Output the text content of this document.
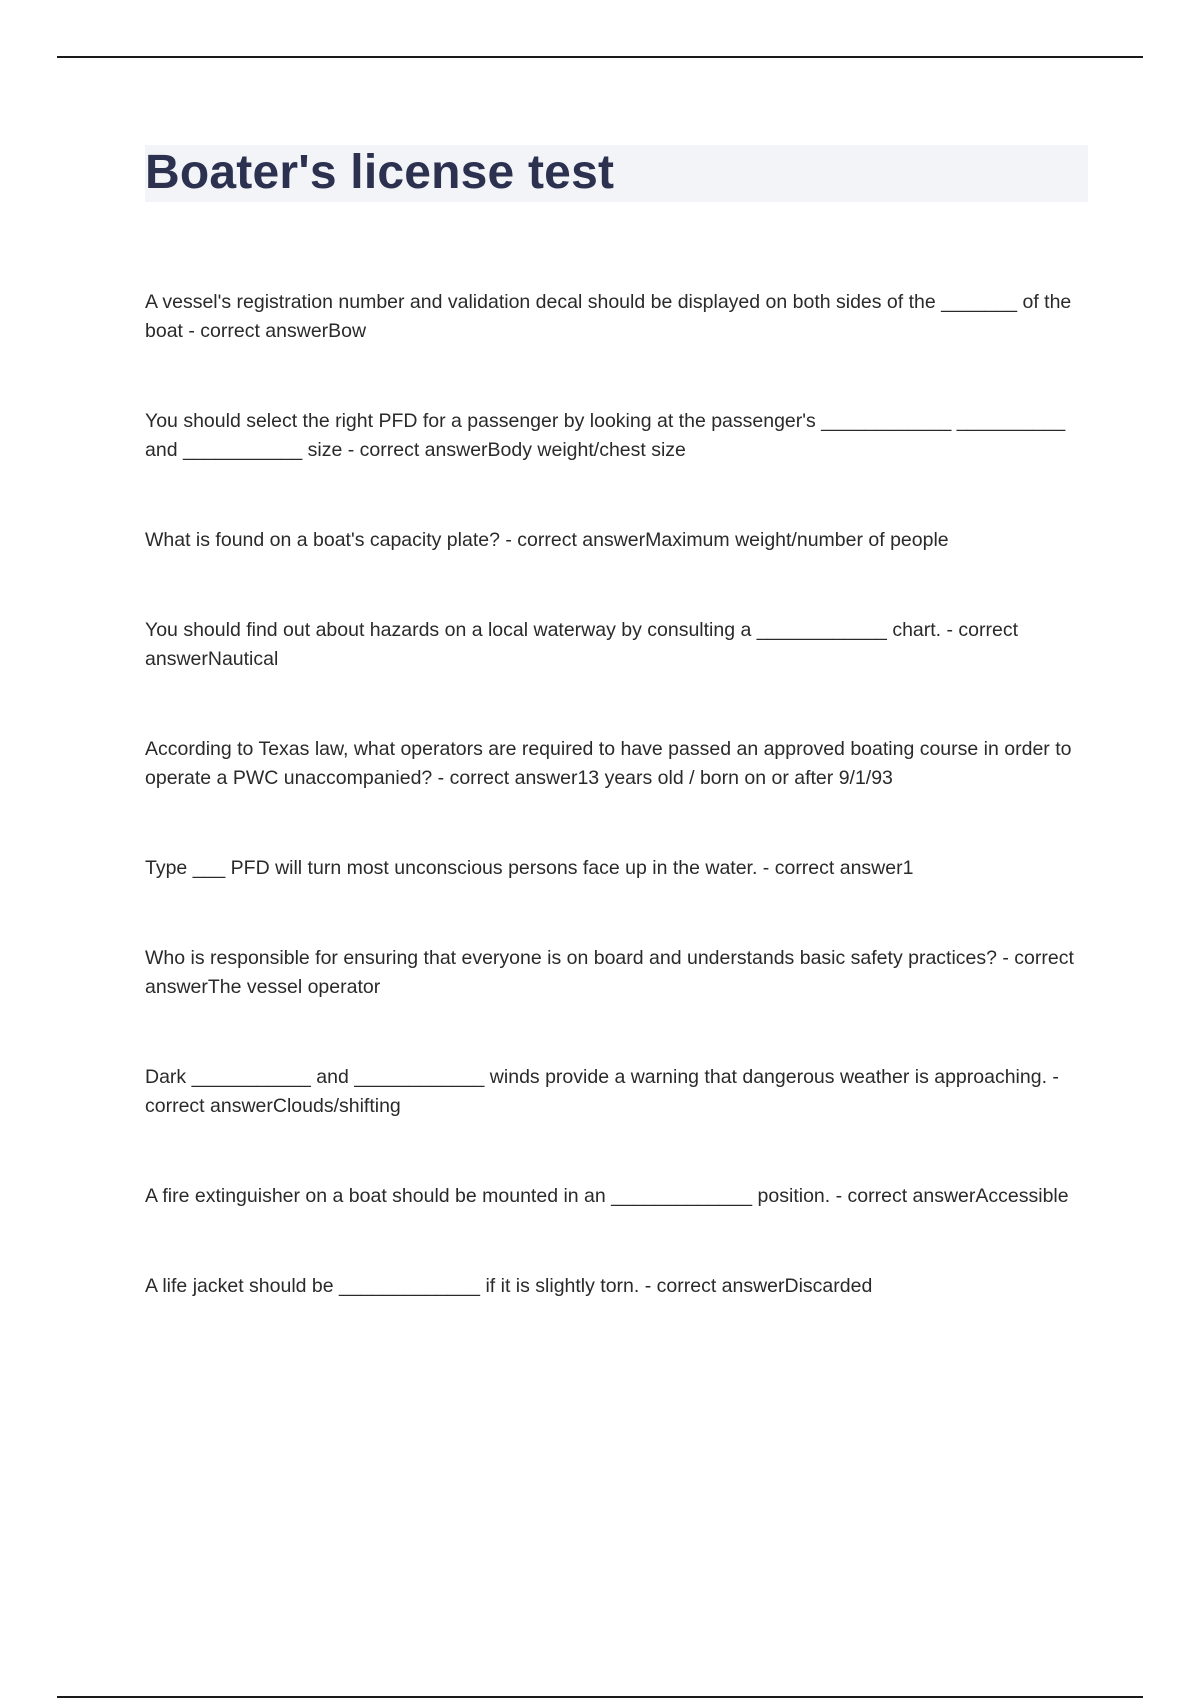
Boater's license test

A vessel's registration number and validation decal should be displayed on both sides of the _______ of the boat - correct answerBow

You should select the right PFD for a passenger by looking at the passenger's ____________ __________ and ___________ size - correct answerBody weight/chest size

What is found on a boat's capacity plate? - correct answerMaximum weight/number of people

You should find out about hazards on a local waterway by consulting a ____________ chart. - correct answerNautical

According to Texas law, what operators are required to have passed an approved boating course in order to operate a PWC unaccompanied? - correct answer13 years old / born on or after 9/1/93

Type ___ PFD will turn most unconscious persons face up in the water. - correct answer1

Who is responsible for ensuring that everyone is on board and understands basic safety practices? - correct answerThe vessel operator

Dark ___________ and ____________ winds provide a warning that dangerous weather is approaching. - correct answerClouds/shifting

A fire extinguisher on a boat should be mounted in an _____________ position. - correct answerAccessible

A life jacket should be _____________ if it is slightly torn. - correct answerDiscarded
